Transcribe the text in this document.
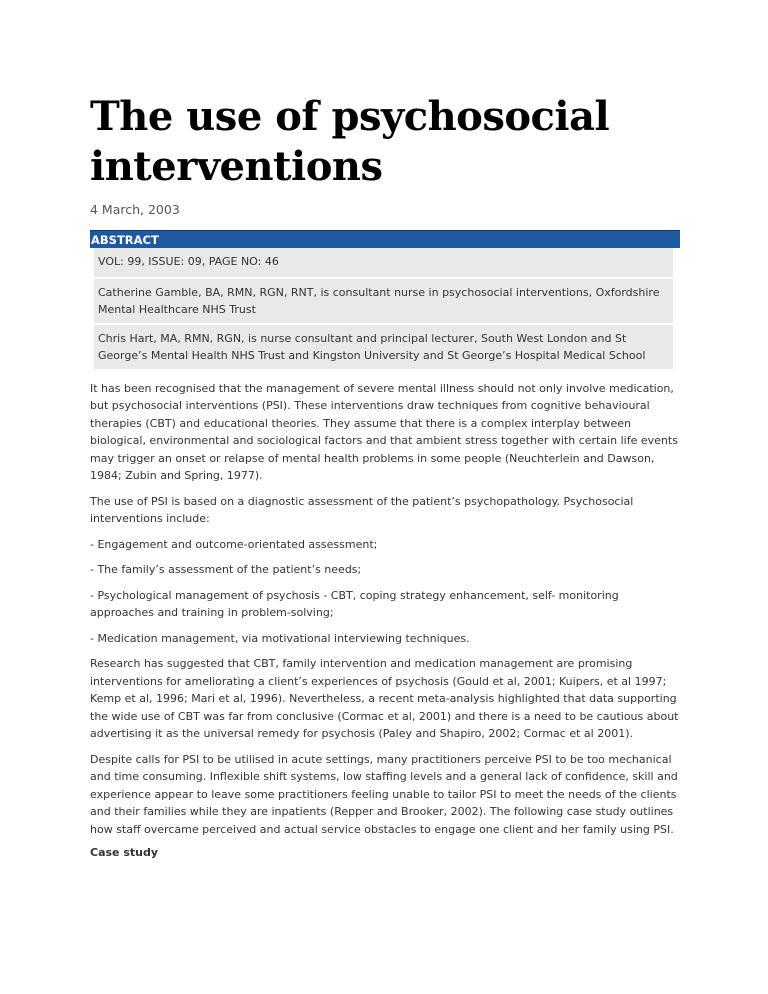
The use of psychosocial interventions
4 March, 2003
ABSTRACT
VOL: 99, ISSUE: 09, PAGE NO: 46
Catherine Gamble, BA, RMN, RGN, RNT, is consultant nurse in psychosocial interventions, Oxfordshire Mental Healthcare NHS Trust
Chris Hart, MA, RMN, RGN, is nurse consultant and principal lecturer, South West London and St George’s Mental Health NHS Trust and Kingston University and St George’s Hospital Medical School

It has been recognised that the management of severe mental illness should not only involve medication, but psychosocial interventions (PSI). These interventions draw techniques from cognitive behavioural therapies (CBT) and educational theories. They assume that there is a complex interplay between biological, environmental and sociological factors and that ambient stress together with certain life events may trigger an onset or relapse of mental health problems in some people (Neuchterlein and Dawson, 1984; Zubin and Spring, 1977).

The use of PSI is based on a diagnostic assessment of the patient’s psychopathology. Psychosocial interventions include:

- Engagement and outcome-orientated assessment;

- The family’s assessment of the patient’s needs;

- Psychological management of psychosis - CBT, coping strategy enhancement, self- monitoring approaches and training in problem-solving;

- Medication management, via motivational interviewing techniques.

Research has suggested that CBT, family intervention and medication management are promising interventions for ameliorating a client’s experiences of psychosis (Gould et al, 2001; Kuipers, et al 1997; Kemp et al, 1996; Mari et al, 1996). Nevertheless, a recent meta-analysis highlighted that data supporting the wide use of CBT was far from conclusive (Cormac et al, 2001) and there is a need to be cautious about advertising it as the universal remedy for psychosis (Paley and Shapiro, 2002; Cormac et al 2001).

Despite calls for PSI to be utilised in acute settings, many practitioners perceive PSI to be too mechanical and time consuming. Inflexible shift systems, low staffing levels and a general lack of confidence, skill and experience appear to leave some practitioners feeling unable to tailor PSI to meet the needs of the clients and their families while they are inpatients (Repper and Brooker, 2002). The following case study outlines how staff overcame perceived and actual service obstacles to engage one client and her family using PSI.

Case study
